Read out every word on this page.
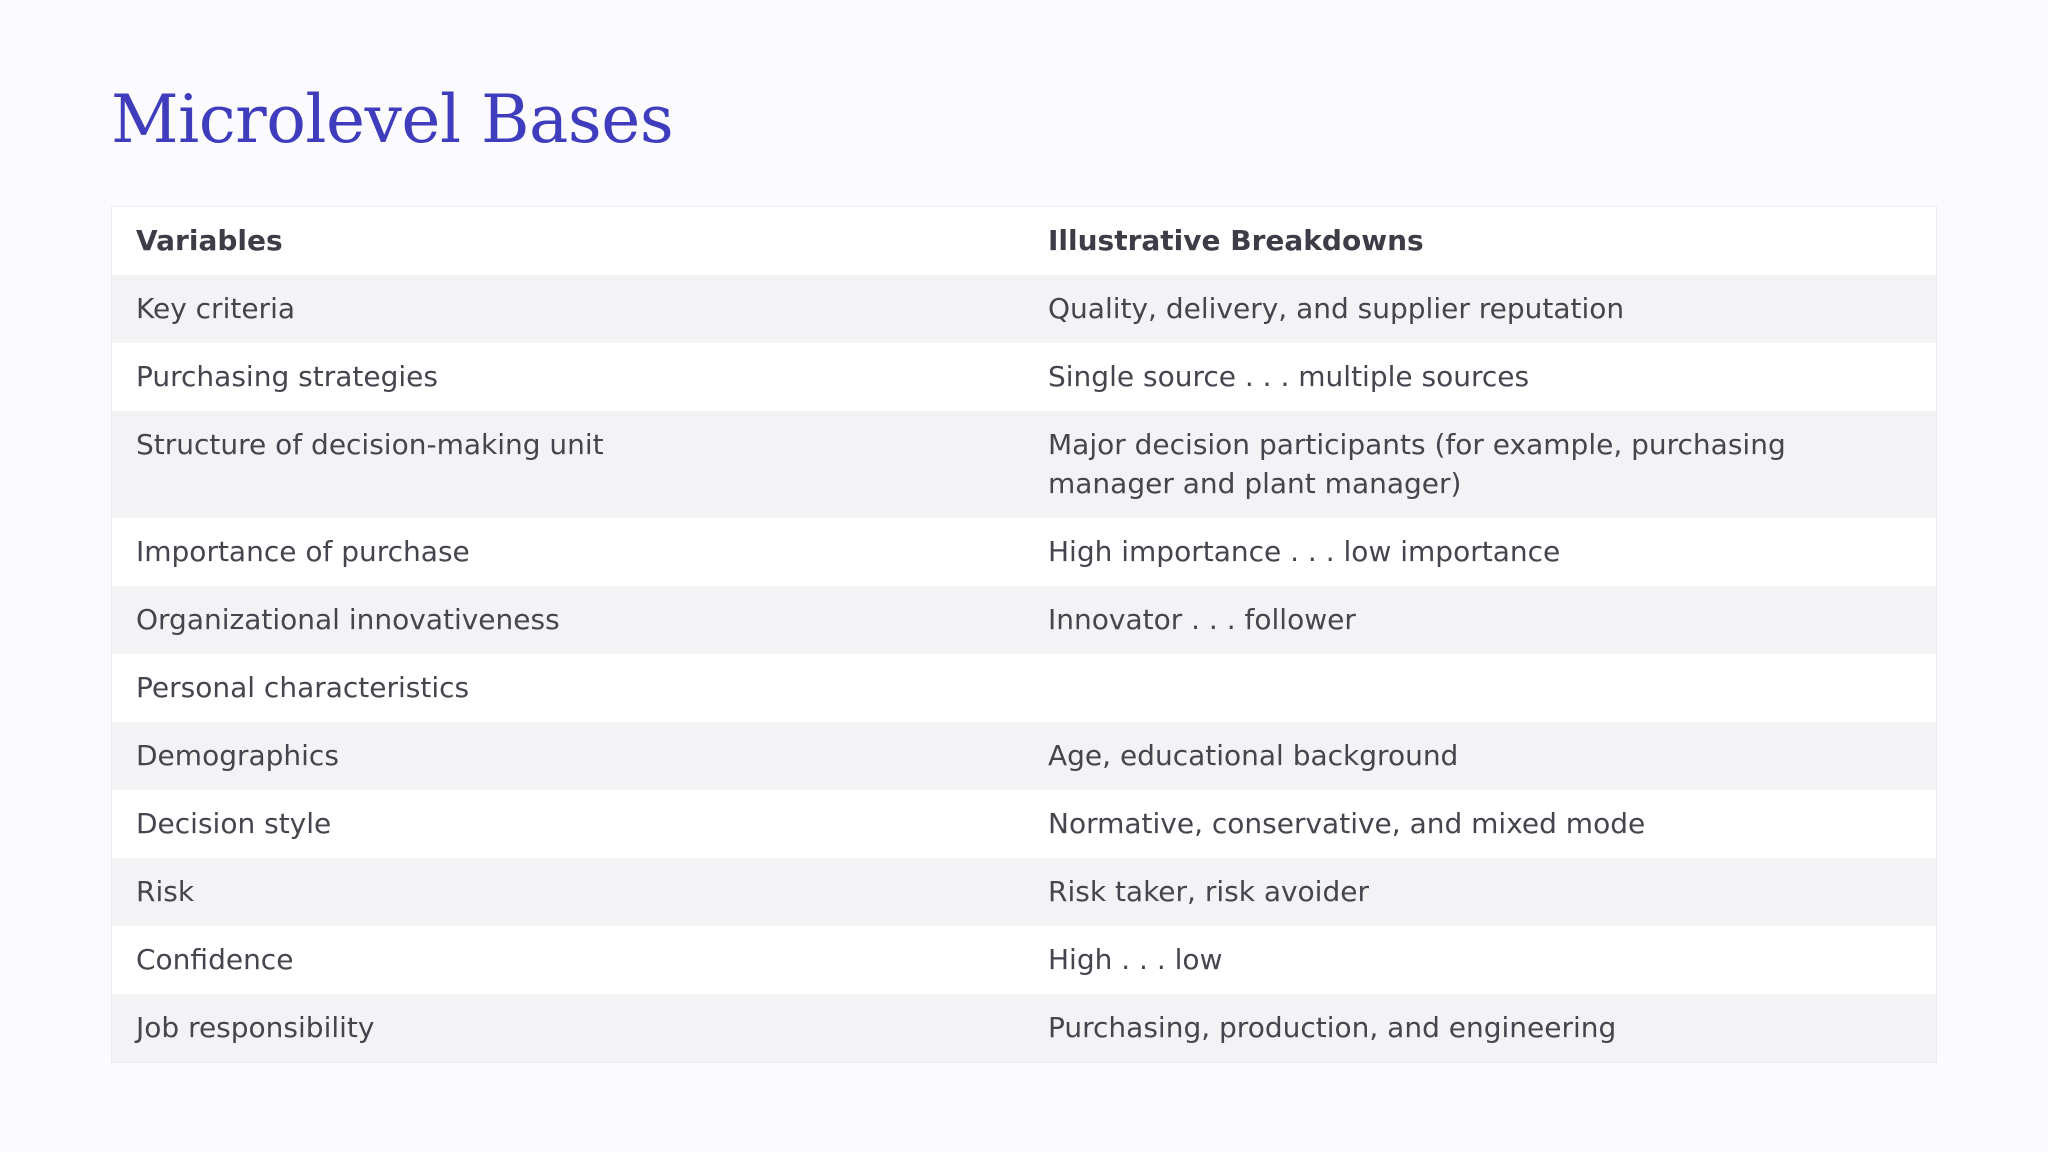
Microlevel Bases
Variables	Illustrative Breakdowns
Key criteria	Quality, delivery, and supplier reputation
Purchasing strategies	Single source . . . multiple sources
Structure of decision-making unit	Major decision participants (for example, purchasing manager and plant manager)
Importance of purchase	High importance . . . low importance
Organizational innovativeness	Innovator . . . follower
Personal characteristics	
Demographics	Age, educational background
Decision style	Normative, conservative, and mixed mode
Risk	Risk taker, risk avoider
Confidence	High . . . low
Job responsibility	Purchasing, production, and engineering
